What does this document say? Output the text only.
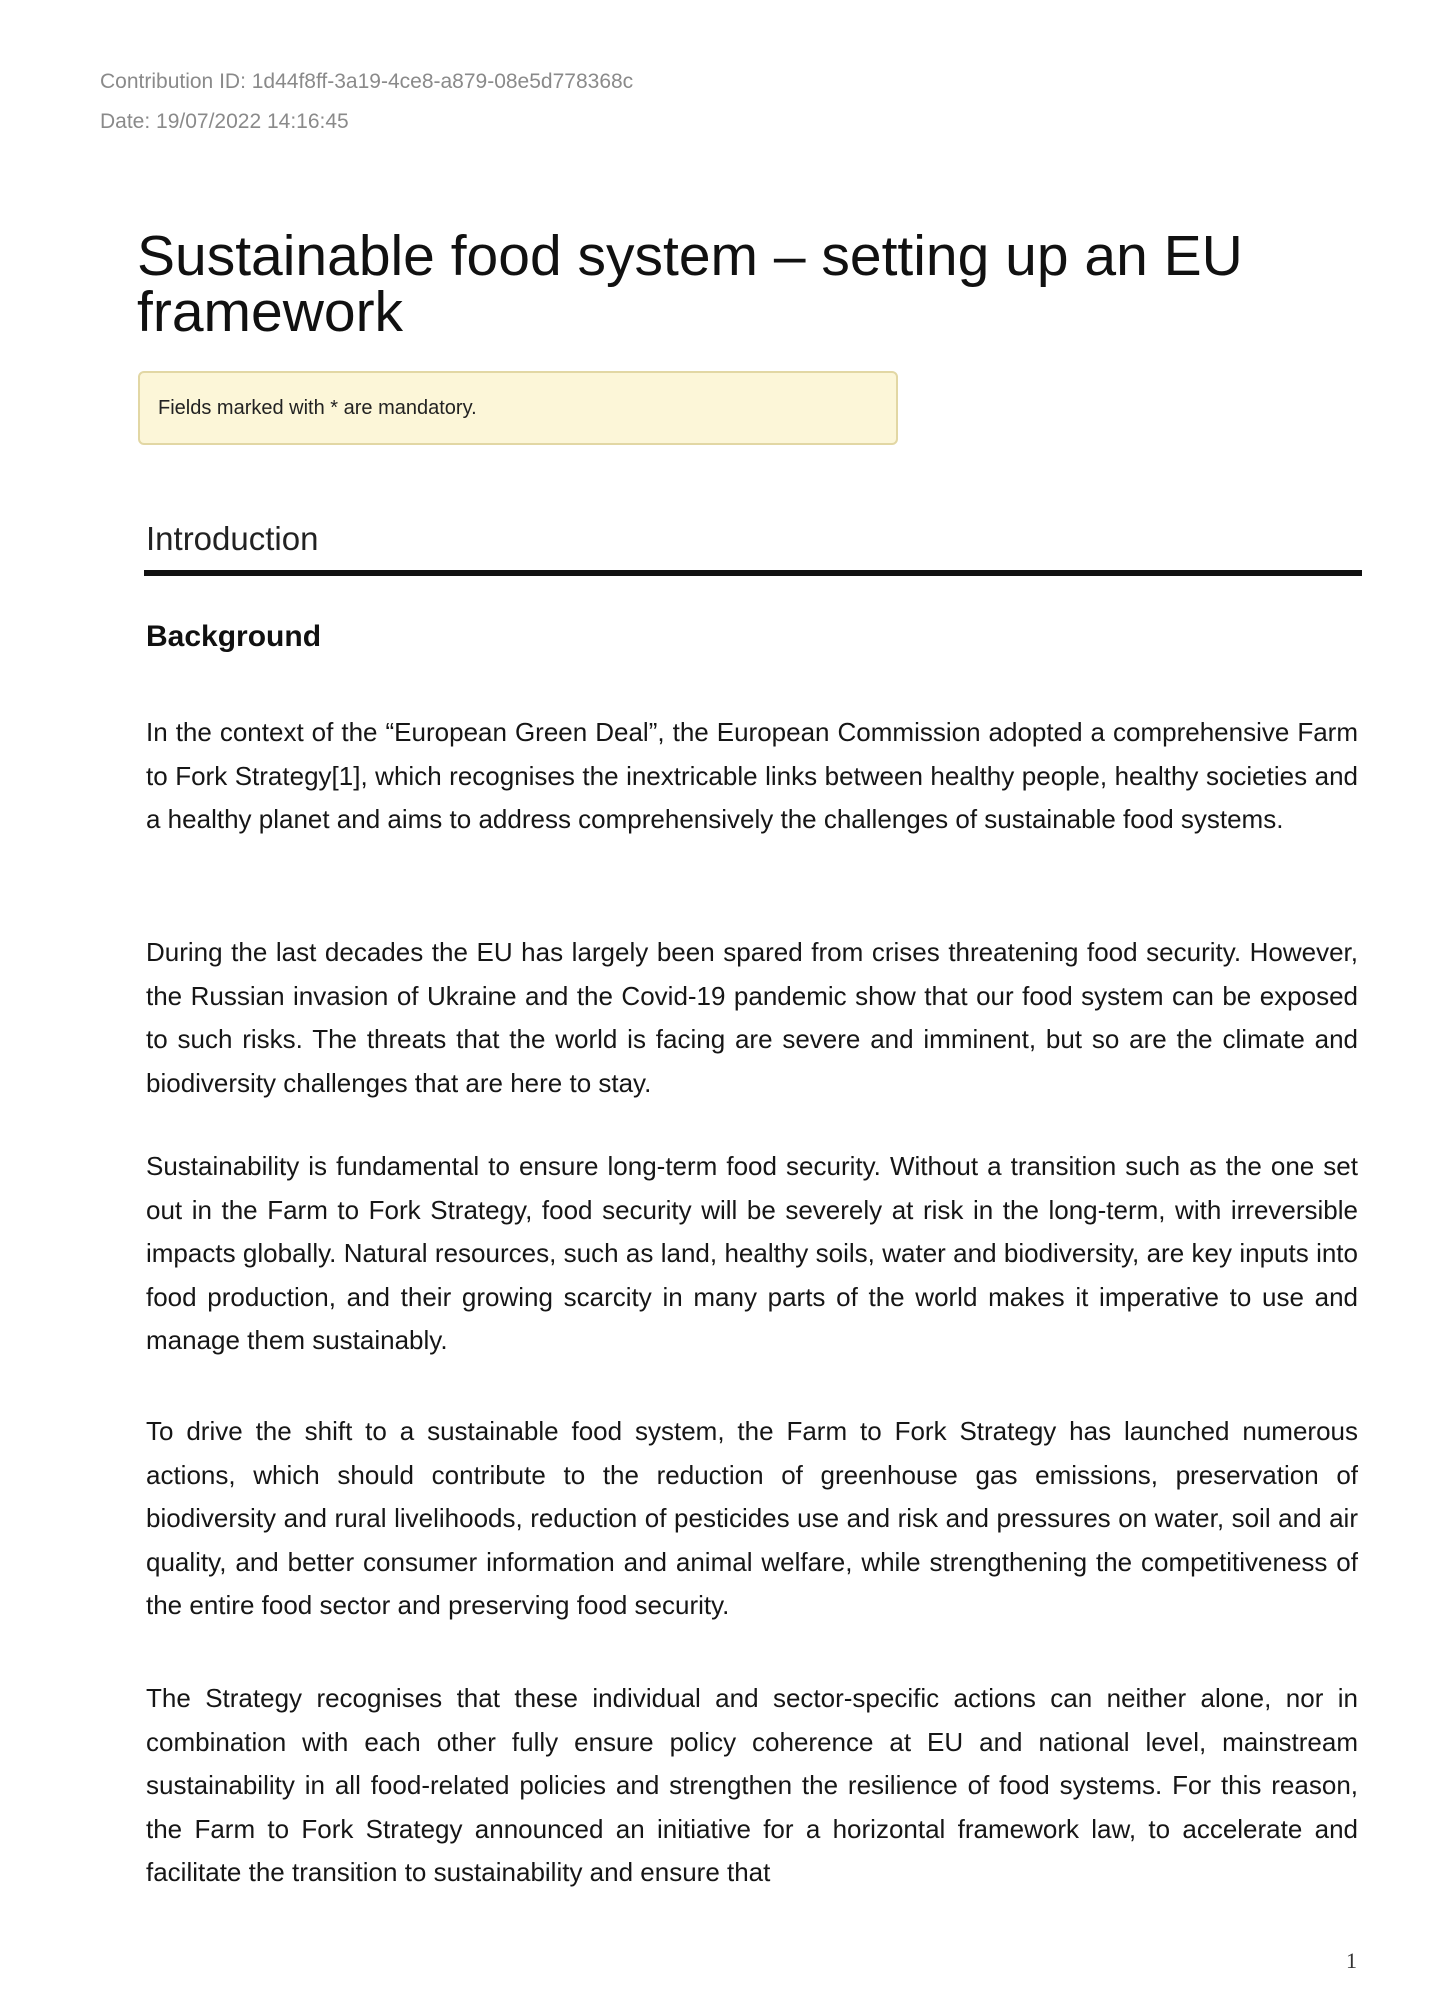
Contribution ID: 1d44f8ff-3a19-4ce8-a879-08e5d778368c
Date: 19/07/2022 14:16:45
Sustainable food system – setting up an EU framework
Fields marked with * are mandatory.
Introduction
Background

In the context of the “European Green Deal”, the European Commission adopted a comprehensive Farm to Fork Strategy[1], which recognises the inextricable links between healthy people, healthy societies and a healthy planet and aims to address comprehensively the challenges of sustainable food systems.

During the last decades the EU has largely been spared from crises threatening food security. However, the Russian invasion of Ukraine and the Covid-19 pandemic show that our food system can be exposed to such risks. The threats that the world is facing are severe and imminent, but so are the climate and biodiversity challenges that are here to stay.

Sustainability is fundamental to ensure long-term food security. Without a transition such as the one set out in the Farm to Fork Strategy, food security will be severely at risk in the long-term, with irreversible impacts globally. Natural resources, such as land, healthy soils, water and biodiversity, are key inputs into food production, and their growing scarcity in many parts of the world makes it imperative to use and manage them sustainably.

To drive the shift to a sustainable food system, the Farm to Fork Strategy has launched numerous actions, which should contribute to the reduction of greenhouse gas emissions, preservation of biodiversity and rural livelihoods, reduction of pesticides use and risk and pressures on water, soil and air quality, and better consumer information and animal welfare, while strengthening the competitiveness of the entire food sector and preserving food security.

The Strategy recognises that these individual and sector-specific actions can neither alone, nor in combination with each other fully ensure policy coherence at EU and national level, mainstream sustainability in all food-related policies and strengthen the resilience of food systems. For this reason, the Farm to Fork Strategy announced an initiative for a horizontal framework law, to accelerate and facilitate the transition to sustainability and ensure that

1
